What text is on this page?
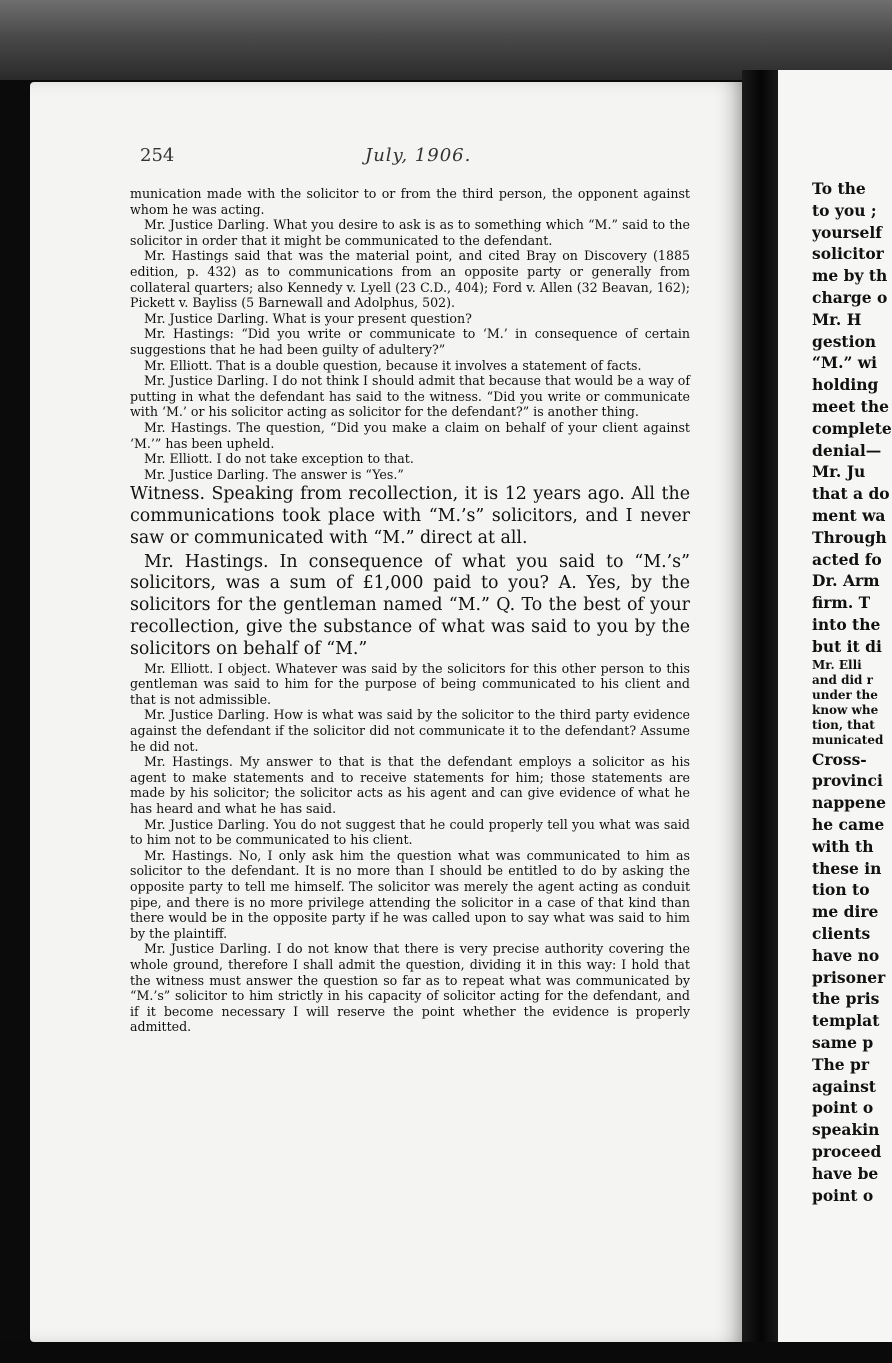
254	July, 1906.

munication made with the solicitor to or from the third person, the opponent against whom he was acting.

Mr. Justice Darling. What you desire to ask is as to something which “M.” said to the solicitor in order that it might be communicated to the defendant.

Mr. Hastings said that was the material point, and cited Bray on Discovery (1885 edition, p. 432) as to communications from an opposite party or generally from collateral quarters; also Kennedy v. Lyell (23 C.D., 404); Ford v. Allen (32 Beavan, 162); Pickett v. Bayliss (5 Barnewall and Adolphus, 502).

Mr. Justice Darling. What is your present question?

Mr. Hastings: “Did you write or communicate to ‘M.’ in consequence of certain suggestions that he had been guilty of adultery?”

Mr. Elliott. That is a double question, because it involves a statement of facts.

Mr. Justice Darling. I do not think I should admit that because that would be a way of putting in what the defendant has said to the witness. “Did you write or communicate with ‘M.’ or his solicitor acting as solicitor for the defendant?” is another thing.

Mr. Hastings. The question, “Did you make a claim on behalf of your client against ‘M.’” has been upheld.

Mr. Elliott. I do not take exception to that.

Mr. Justice Darling. The answer is “Yes.”

Witness. Speaking from recollection, it is 12 years ago. All the communications took place with “M.’s” solicitors, and I never saw or communicated with “M.” direct at all.

Mr. Hastings. In consequence of what you said to “M.’s” solicitors, was a sum of £1,000 paid to you? A. Yes, by the solicitors for the gentleman named “M.” Q. To the best of your recollection, give the substance of what was said to you by the solicitors on behalf of “M.”

Mr. Elliott. I object. Whatever was said by the solicitors for this other person to this gentleman was said to him for the purpose of being communicated to his client and that is not admissible.

Mr. Justice Darling. How is what was said by the solicitor to the third party evidence against the defendant if the solicitor did not communicate it to the defendant? Assume he did not.

Mr. Hastings. My answer to that is that the defendant employs a solicitor as his agent to make statements and to receive statements for him; those statements are made by his solicitor; the solicitor acts as his agent and can give evidence of what he has heard and what he has said.

Mr. Justice Darling. You do not suggest that he could properly tell you what was said to him not to be communicated to his client.

Mr. Hastings. No, I only ask him the question what was communicated to him as solicitor to the defendant. It is no more than I should be entitled to do by asking the opposite party to tell me himself. The solicitor was merely the agent acting as conduit pipe, and there is no more privilege attending the solicitor in a case of that kind than there would be in the opposite party if he was called upon to say what was said to him by the plaintiff.

Mr. Justice Darling. I do not know that there is very precise authority covering the whole ground, therefore I shall admit the question, dividing it in this way: I hold that the witness must answer the question so far as to repeat what was communicated by “M.’s” solicitor to him strictly in his capacity of solicitor acting for the defendant, and if it become necessary I will reserve the point whether the evidence is properly admitted.

To the
to you ;
yourself
solicitor
me by th
charge o
Mr. H
gestion
“M.” wi
holding
meet the
complete
denial—
Mr. Ju
that a do
ment wa
Through
acted fo
Dr. Arm
firm. T
into the
but it di
Mr. Elli
and did r
under the
know whe
tion, that
municated
Cross-
provinci
nappene
he came
with th
these in
tion to
me dire
clients
have no
prisoner
the pris
templat
same p
The pr
against
point o
speakin
proceed
have be
point o
